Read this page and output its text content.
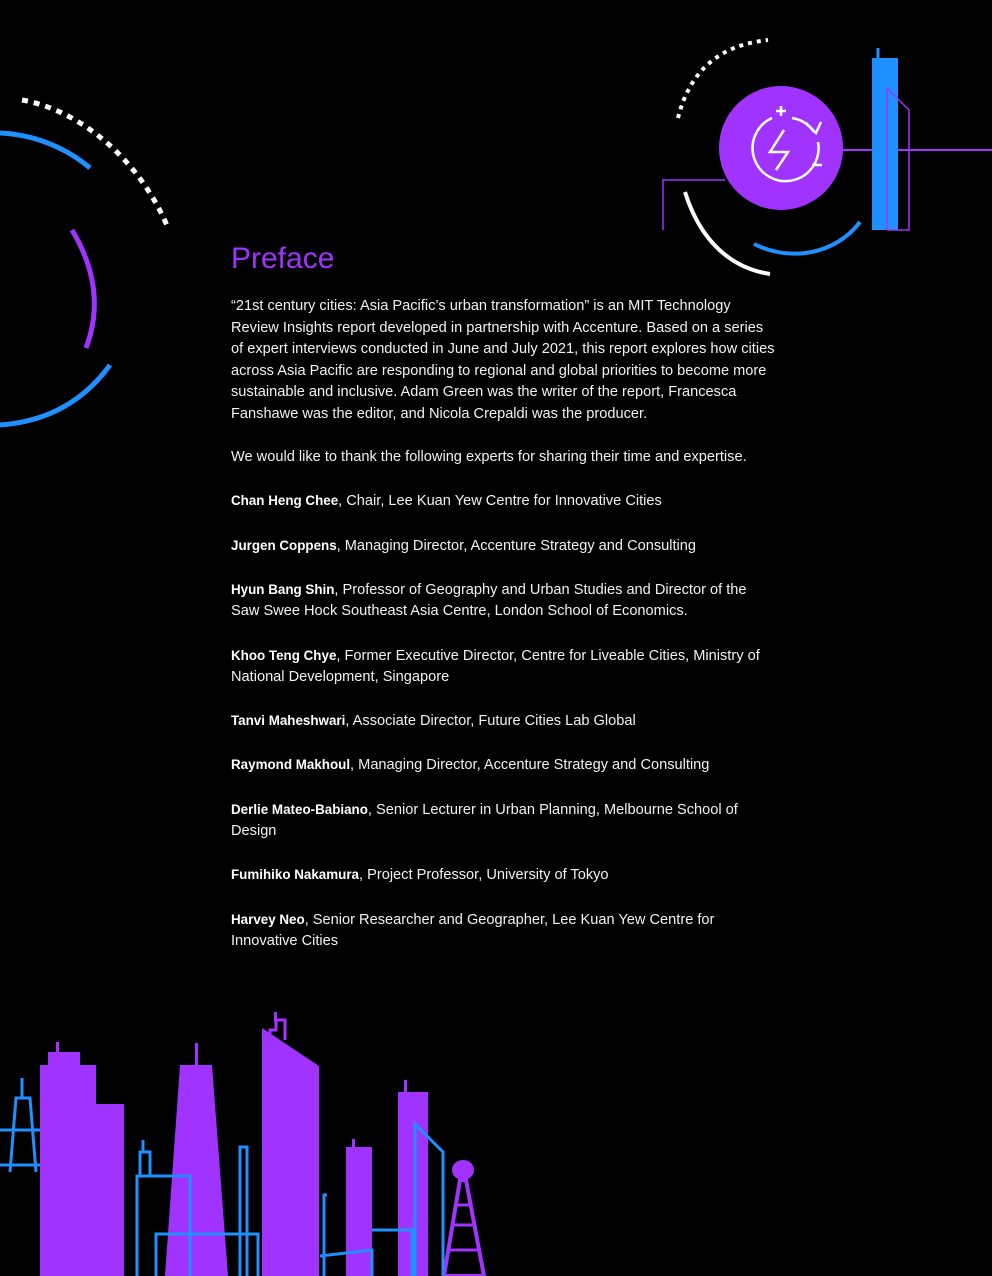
Preface

“21st century cities: Asia Pacific’s urban transformation” is an MIT Technology Review Insights report developed in partnership with Accenture. Based on a series of expert interviews conducted in June and July 2021, this report explores how cities across Asia Pacific are responding to regional and global priorities to become more sustainable and inclusive. Adam Green was the writer of the report, Francesca Fanshawe was the editor, and Nicola Crepaldi was the producer.

We would like to thank the following experts for sharing their time and expertise.

Chan Heng Chee, Chair, Lee Kuan Yew Centre for Innovative Cities

Jurgen Coppens, Managing Director, Accenture Strategy and Consulting

Hyun Bang Shin, Professor of Geography and Urban Studies and Director of the Saw Swee Hock Southeast Asia Centre, London School of Economics.

Khoo Teng Chye, Former Executive Director, Centre for Liveable Cities, Ministry of National Development, Singapore

Tanvi Maheshwari, Associate Director, Future Cities Lab Global

Raymond Makhoul, Managing Director, Accenture Strategy and Consulting

Derlie Mateo-Babiano, Senior Lecturer in Urban Planning, Melbourne School of Design

Fumihiko Nakamura, Project Professor, University of Tokyo

Harvey Neo, Senior Researcher and Geographer, Lee Kuan Yew Centre for Innovative Cities
